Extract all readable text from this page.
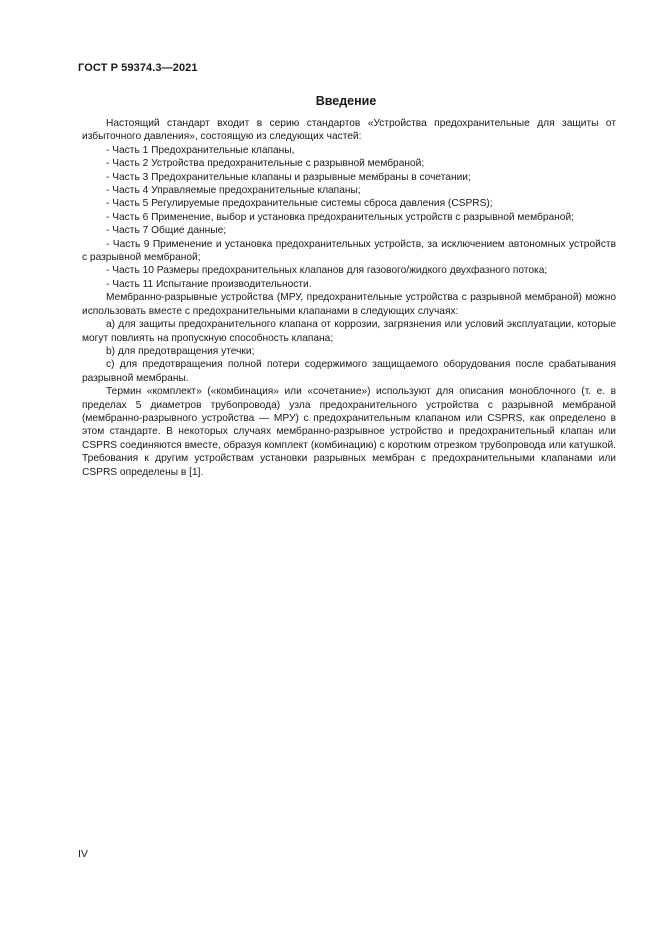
ГОСТ Р 59374.3—2021
Введение

Настоящий стандарт входит в серию стандартов «Устройства предохранительные для защиты от избыточного давления», состоящую из следующих частей:

- Часть 1 Предохранительные клапаны,

- Часть 2 Устройства предохранительные с разрывной мембраной;

- Часть 3 Предохранительные клапаны и разрывные мембраны в сочетании;

- Часть 4 Управляемые предохранительные клапаны;

- Часть 5 Регулируемые предохранительные системы сброса давления (CSPRS);

- Часть 6 Применение, выбор и установка предохранительных устройств с разрывной мембраной;

- Часть 7 Общие данные;

- Часть 9 Применение и установка предохранительных устройств, за исключением автономных устройств с разрывной мембраной;

- Часть 10 Размеры предохранительных клапанов для газового/жидкого двухфазного потока;

- Часть 11 Испытание производительности.

Мембранно-разрывные устройства (МРУ, предохранительные устройства с разрывной мембраной) можно использовать вместе с предохранительными клапанами в следующих случаях:

а) для защиты предохранительного клапана от коррозии, загрязнения или условий эксплуатации, которые могут повлиять на пропускную способность клапана;

b) для предотвращения утечки;

с) для предотвращения полной потери содержимого защищаемого оборудования после срабатывания разрывной мембраны.

Термин «комплект» («комбинация» или «сочетание») используют для описания моноблочного (т. е. в пределах 5 диаметров трубопровода) узла предохранительного устройства с разрывной мембраной (мембранно-разрывного устройства — МРУ) с предохранительным клапаном или CSPRS, как определено в этом стандарте. В некоторых случаях мембранно-разрывное устройство и предохранительный клапан или CSPRS соединяются вместе, образуя комплект (комбинацию) с коротким отрезком трубопровода или катушкой. Требования к другим устройствам установки разрывных мембран с предохранительными клапанами или CSPRS определены в [1].

IV
